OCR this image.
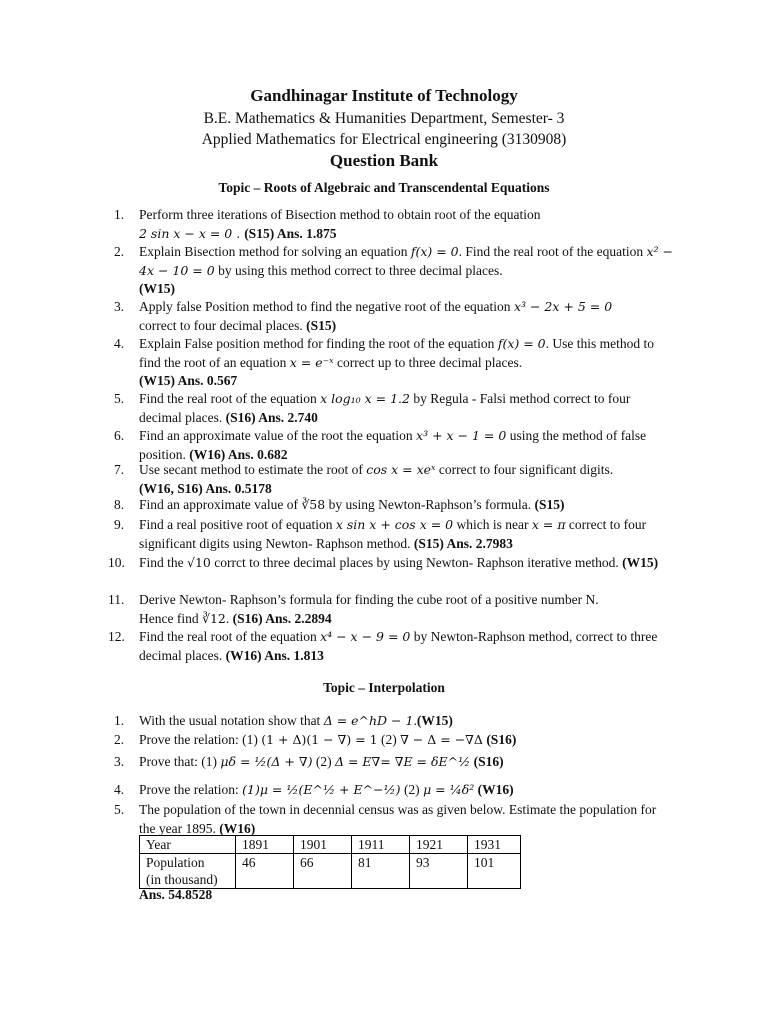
Gandhinagar Institute of Technology
B.E. Mathematics & Humanities Department, Semester- 3
Applied Mathematics for Electrical engineering (3130908)
Question Bank
Topic – Roots of Algebraic and Transcendental Equations
1.	Perform three iterations of Bisection method to obtain root of the equation
2 sin x − x = 0 . (S15) Ans. 1.875
2.	Explain Bisection method for solving an equation f(x) = 0. Find the real root of the equation x² − 4x − 10 = 0 by using this method correct to three decimal places.
(W15)
3.	Apply false Position method to find the negative root of the equation x³ − 2x + 5 = 0
correct to four decimal places. (S15)
4.	Explain False position method for finding the root of the equation f(x) = 0. Use this method to find the root of an equation x = e⁻ˣ correct up to three decimal places.
(W15) Ans. 0.567
5.	Find the real root of the equation x log₁₀ x = 1.2 by Regula - Falsi method correct to four decimal places. (S16) Ans. 2.740
6.	Find an approximate value of the root the equation x³ + x − 1 = 0 using the method of false position. (W16) Ans. 0.682
7.	Use secant method to estimate the root of cos x = xeˣ correct to four significant digits.
(W16, S16) Ans. 0.5178
8.	Find an approximate value of ∛58 by using Newton-Raphson’s formula. (S15)
9.	Find a real positive root of equation x sin x + cos x = 0 which is near x = π correct to four significant digits using Newton- Raphson method. (S15) Ans. 2.7983
10.	Find the √10 corrct to three decimal places by using Newton- Raphson iterative method. (W15)
11.	Derive Newton- Raphson’s formula for finding the cube root of a positive number N.
Hence find ∛12. (S16) Ans. 2.2894
12.	Find the real root of the equation x⁴ − x − 9 = 0 by Newton-Raphson method, correct to three decimal places. (W16) Ans. 1.813
Topic – Interpolation
1.	With the usual notation show that Δ = e^hD − 1.(W15)
2.	Prove the relation: (1) (1 + Δ)(1 − ∇) = 1 (2) ∇ − Δ = −∇Δ (S16)
3.	Prove that: (1) μδ = ½(Δ + ∇) (2) Δ = E∇= ∇E = δE^½ (S16)
4.	Prove the relation: (1)μ = ½(E^½ + E^−½) (2) μ = ¼δ² (W16)
5.	The population of the town in decennial census was as given below. Estimate the population for the year 1895. (W16)
Year	1891	1901	1911	1921	1931
Population
(in thousand)	46	66	81	93	101
Ans. 54.8528
